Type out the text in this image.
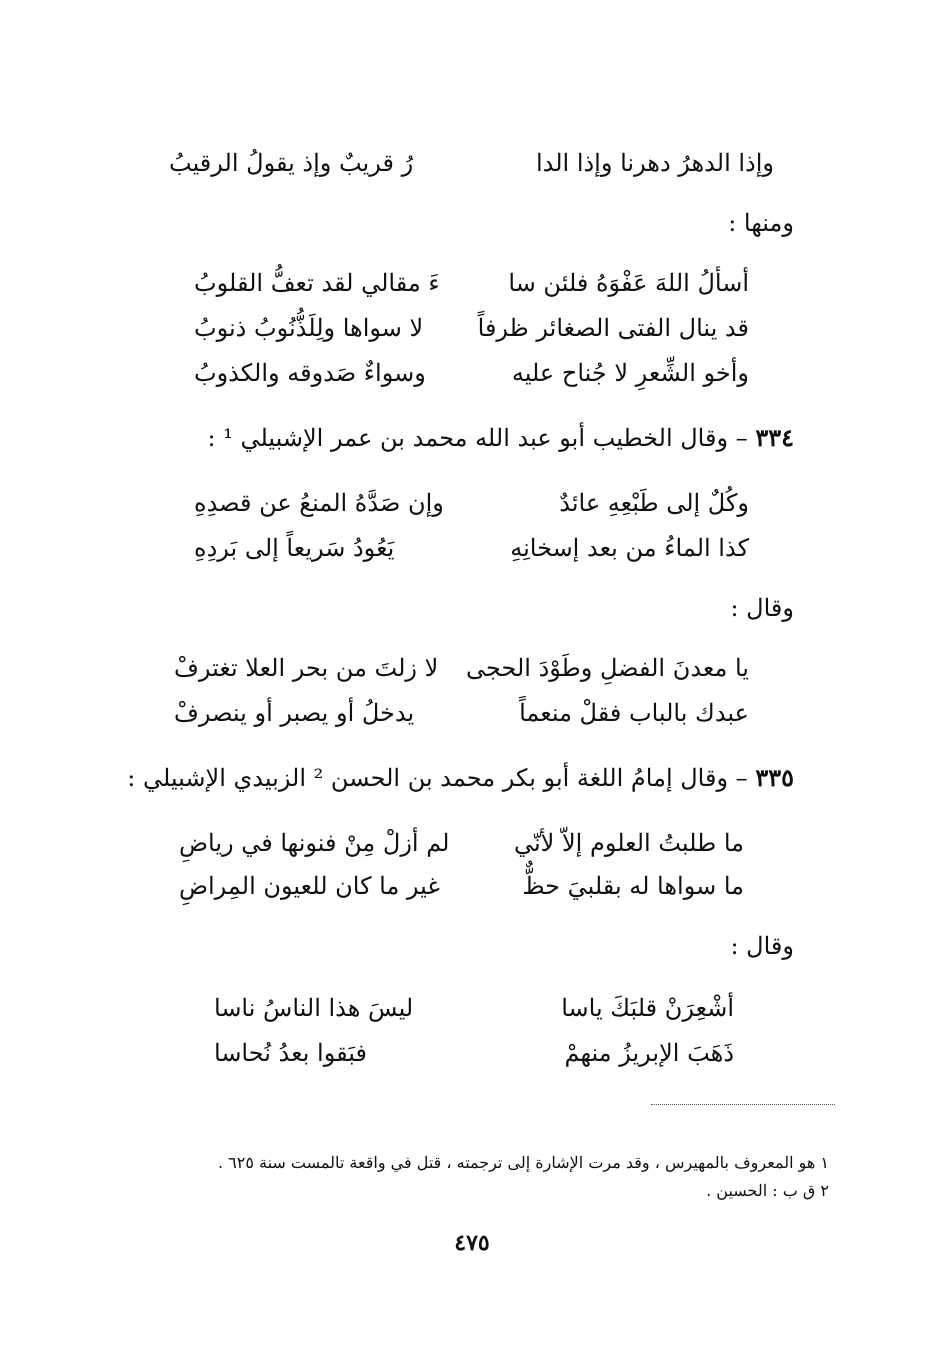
وإذا الدهرُ دهرنا وإذا الدا
رُ قريبٌ وإذ يقولُ الرقيبُ
ومنها :
أسألُ اللهَ عَفْوَهُ فلئن سا
ءَ مقالي لقد تعفُّ القلوبُ
قد ينال الفتى الصغائر ظرفاً
لا سواها ولِلَذُّنُوبُ ذنوبُ
وأخو الشِّعرِ لا جُناح عليه
وسواءٌ صَدوقه والكذوبُ
٣٣٤ – وقال الخطيب أبو عبد الله محمد بن عمر الإشبيلي ¹ :
وكُلٌ إلى طَبْعِهِ عائدٌ
وإن صَدَّهُ المنعُ عن قصدِهِ
كذا الماءُ من بعد إسخانِهِ
يَعُودُ سَريعاً إلى بَردِهِ
وقال :
يا معدنَ الفضلِ وطَوْدَ الحجى
لا زلتَ من بحر العلا تغترفْ
عبدك بالباب فقلْ منعماً
يدخلُ أو يصبر أو ينصرفْ
٣٣٥ – وقال إمامُ اللغة أبو بكر محمد بن الحسن ² الزبيدي الإشبيلي :
ما طلبتُ العلوم إلاّ لأنّي
لم أزلْ مِنْ فنونها في رياضِ
ما سواها له بقلبيَ حظٌّ
غير ما كان للعيون المِراضِ
وقال :
أشْعِرَنْ قلبَكَ ياسا
ليسَ هذا الناسُ ناسا
ذَهَبَ الإبريزُ منهمْ
فبَقوا بعدُ نُحاسا
١ هو المعروف بالمهيرس ، وقد مرت الإشارة إلى ترجمته ، قتل في واقعة تالمست سنة ٦٢٥ .
٢ ق ب : الحسين .
٤٧٥
